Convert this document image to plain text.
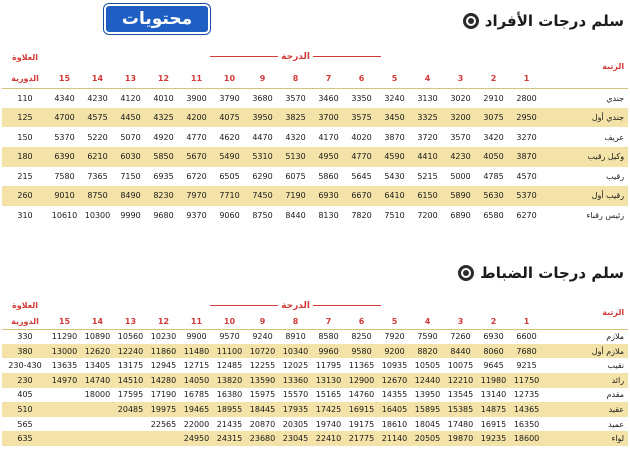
محتويات	سلم درجات الأفراد
العلاوة	الدرجة															الرتبة
الدورية	15	14	13	12	11	10	9	8	7	6	5	4	3	2	1	
110	4340	4230	4120	4010	3900	3790	3680	3570	3460	3350	3240	3130	3020	2910	2800	جندي
125	4700	4575	4450	4325	4200	4075	3950	3825	3700	3575	3450	3325	3200	3075	2950	جندي أول
150	5370	5220	5070	4920	4770	4620	4470	4320	4170	4020	3870	3720	3570	3420	3270	عريف
180	6390	6210	6030	5850	5670	5490	5310	5130	4950	4770	4590	4410	4230	4050	3870	وكيل رقيب
215	7580	7365	7150	6935	6720	6505	6290	6075	5860	5645	5430	5215	5000	4785	4570	رقيب
260	9010	8750	8490	8230	7970	7710	7450	7190	6930	6670	6410	6150	5890	5630	5370	رقيب أول
310	10610	10300	9990	9680	9370	9060	8750	8440	8130	7820	7510	7200	6890	6580	6270	رئيس رقباء
سلم درجات الضباط
العلاوة	الدرجة															الرتبة
الدورية	15	14	13	12	11	10	9	8	7	6	5	4	3	2	1	
330	11290	10890	10560	10230	9900	9570	9240	8910	8580	8250	7920	7590	7260	6930	6600	ملازم
380	13000	12620	12240	11860	11480	11100	10720	10340	9960	9580	9200	8820	8440	8060	7680	ملازم أول
230-430	13635	13405	13175	12945	12715	12485	12255	12025	11795	11365	10935	10505	10075	9645	9215	نقيب
230	14970	14740	14510	14280	14050	13820	13590	13360	13130	12900	12670	12440	12210	11980	11750	رائد
405		18000	17595	17190	16785	16380	15975	15570	15165	14760	14355	13950	13545	13140	12735	مقدم
510			20485	19975	19465	18955	18445	17935	17425	16915	16405	15895	15385	14875	14365	عقيد
565				22565	22000	21435	20870	20305	19740	19175	18610	18045	17480	16915	16350	عميد
635					24950	24315	23680	23045	22410	21775	21140	20505	19870	19235	18600	لواء
